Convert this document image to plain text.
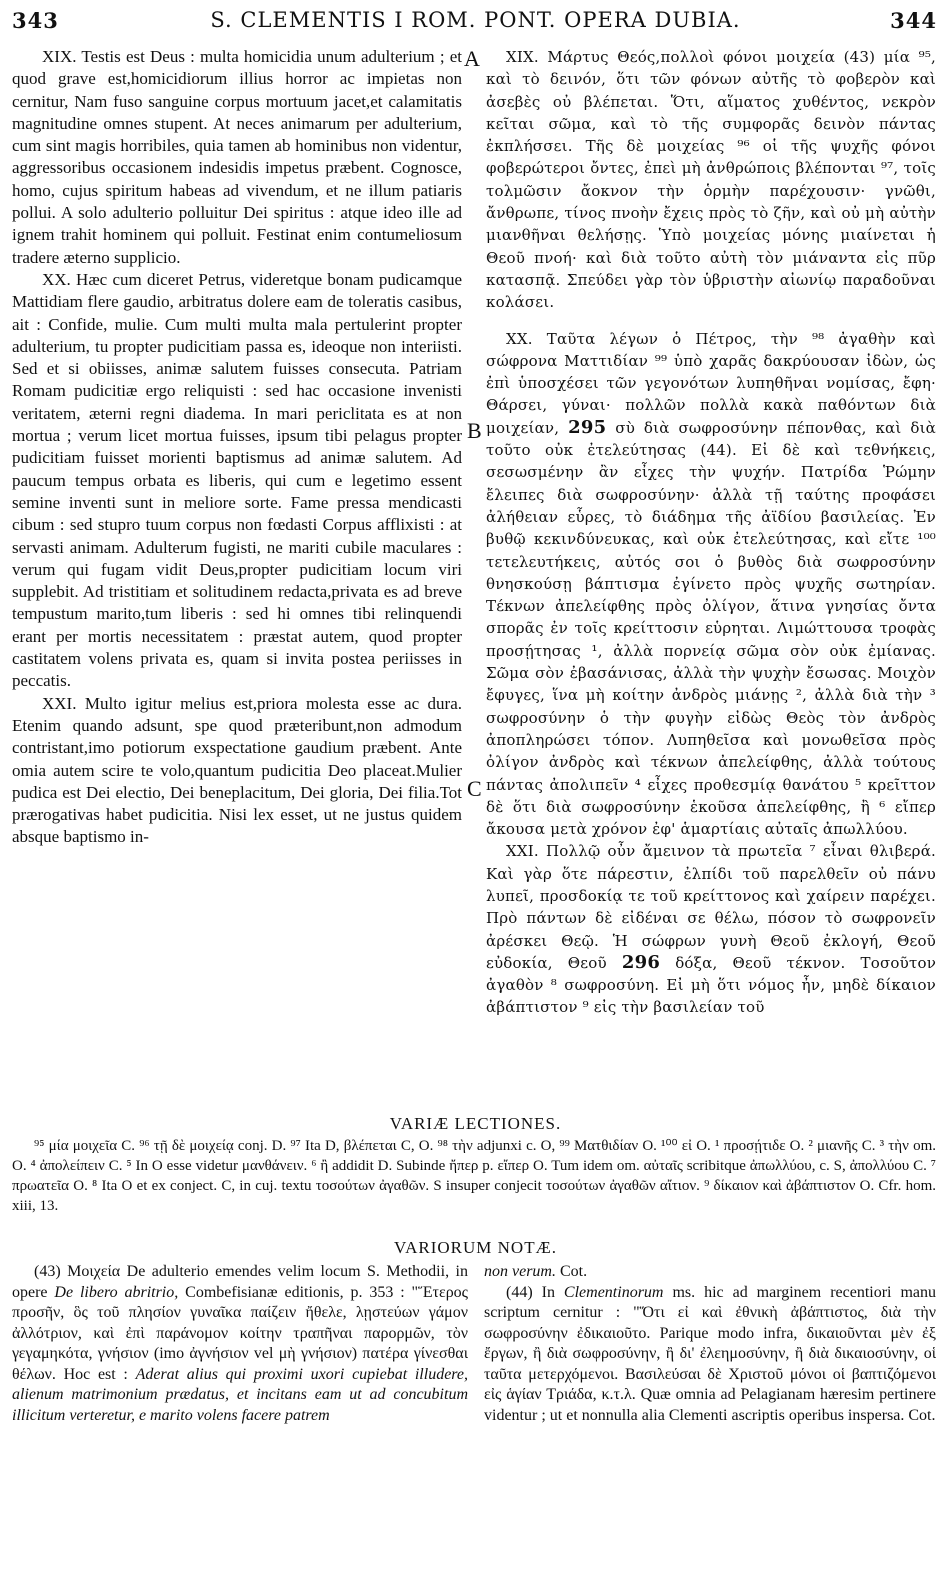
343	S. CLEMENTIS I ROM. PONT. OPERA DUBIA.	344

XIX. Testis est Deus : multa homicidia unum adulterium ; et quod grave est,homicidiorum illius horror ac impietas non cernitur, Nam fuso sanguine corpus mortuum jacet,et calamitatis magnitudine omnes stupent. At neces animarum per adulterium, cum sint magis horribiles, quia tamen ab hominibus non videntur, aggressoribus occasionem indesidis impetus præbent. Cognosce, homo, cujus spiritum habeas ad vivendum, et ne illum patiaris pollui. A solo adulterio polluitur Dei spiritus : atque ideo ille ad ignem trahit hominem qui polluit. Festinat enim contumeliosum tradere æterno supplicio.

XX. Hæc cum diceret Petrus, videretque bonam pudicamque Mattidiam flere gaudio, arbitratus dolere eam de toleratis casibus, ait : Confide, mulie. Cum multi multa mala pertulerint propter adulterium, tu propter pudicitiam passa es, ideoque non interiisti. Sed et si obiisses, animæ salutem fuisses consecuta. Patriam Romam pudicitiæ ergo reliquisti : sed hac occasione invenisti veritatem, æterni regni diadema. In mari periclitata es at non mortua ; verum licet mortua fuisses, ipsum tibi pelagus propter pudicitiam fuisset morienti baptismus ad animæ salutem. Ad paucum tempus orbata es liberis, qui cum e legetimo essent semine inventi sunt in meliore sorte. Fame pressa mendicasti cibum : sed stupro tuum corpus non fœdasti Corpus afflixisti : at servasti animam. Adulterum fugisti, ne mariti cubile maculares : verum qui fugam vidit Deus,propter pudicitiam locum viri supplebit. Ad tristitiam et solitudinem redacta,privata es ad breve tempustum marito,tum liberis : sed hi omnes tibi relinquendi erant per mortis necessitatem : præstat autem, quod propter castitatem volens privata es, quam si invita postea periisses in peccatis.

XXI. Multo igitur melius est,priora molesta esse ac dura. Etenim quando adsunt, spe quod præteribunt,non admodum contristant,imo potiorum exspectatione gaudium præbent. Ante omia autem scire te volo,quantum pudicitia Deo placeat.Mulier pudica est Dei electio, Dei beneplacitum, Dei gloria, Dei filia.Tot prærogativas habet pudicitia. Nisi lex esset, ut ne justus quidem absque baptismo in-

A
B
C

XIX. Μάρτυς Θεός,πολλοὶ φόνοι μοιχεία (43) μία ⁹⁵, καὶ τὸ δεινόν, ὅτι τῶν φόνων αὐτῆς τὸ φοβερὸν καὶ ἀσεβὲς οὐ βλέπεται. Ὅτι, αἵματος χυθέντος, νεκρὸν κεῖται σῶμα, καὶ τὸ τῆς συμφορᾶς δεινὸν πάντας ἐκπλήσσει. Τῆς δὲ μοιχείας ⁹⁶ οἱ τῆς ψυχῆς φόνοι φοβερώτεροι ὄντες, ἐπεὶ μὴ ἀνθρώποις βλέπονται ⁹⁷, τοῖς τολμῶσιν ἄοκνον τὴν ὁρμὴν παρέχουσιν· γνῶθι, ἄνθρωπε, τίνος πνοὴν ἔχεις πρὸς τὸ ζῆν, καὶ οὐ μὴ αὐτὴν μιανθῆναι θελήσῃς. Ὑπὸ μοιχείας μόνης μιαίνεται ἡ Θεοῦ πνοή· καὶ διὰ τοῦτο αὐτὴ τὸν μιάναντα εἰς πῦρ κατασπᾷ. Σπεύδει γὰρ τὸν ὑβριστὴν αἰωνίῳ παραδοῦναι κολάσει.

XX. Ταῦτα λέγων ὁ Πέτρος, τὴν ⁹⁸ ἀγαθὴν καὶ σώφρονα Ματτιδίαν ⁹⁹ ὑπὸ χαρᾶς δακρύουσαν ἰδὼν, ὡς ἐπὶ ὑποσχέσει τῶν γεγονότων λυπηθῆναι νομίσας, ἔφη· Θάρσει, γύναι· πολλῶν πολλὰ κακὰ παθόντων διὰ μοιχείαν, 295 σὺ διὰ σωφροσύνην πέπονθας, καὶ διὰ τοῦτο οὐκ ἐτελεύτησας (44). Εἰ δὲ καὶ τεθνήκεις, σεσωσμένην ἂν εἶχες τὴν ψυχήν. Πατρίδα Ῥώμην ἔλειπες διὰ σωφροσύνην· ἀλλὰ τῇ ταύτης προφάσει ἀλήθειαν εὗρες, τὸ διάδημα τῆς ἀϊδίου βασιλείας. Ἐν βυθῷ κεκινδύνευκας, καὶ οὐκ ἐτελεύτησας, καὶ εἴτε ¹⁰⁰ τετελευτήκεις, αὐτός σοι ὁ βυθὸς διὰ σωφροσύνην θνησκούσῃ βάπτισμα ἐγίνετο πρὸς ψυχῆς σωτηρίαν. Τέκνων ἀπελείφθης πρὸς ὀλίγον, ἅτινα γνησίας ὄντα σπορᾶς ἐν τοῖς κρείττοσιν εὑρηται. Λιμώττουσα τροφὰς προσῄτησας ¹, ἀλλὰ πορνείᾳ σῶμα σὸν οὐκ ἐμίανας. Σῶμα σὸν ἐβασάνισας, ἀλλὰ τὴν ψυχὴν ἔσωσας. Μοιχὸν ἔφυγες, ἵνα μὴ κοίτην ἀνδρὸς μιάνῃς ², ἀλλὰ διὰ τὴν ³ σωφροσύνην ὁ τὴν φυγὴν εἰδὼς Θεὸς τὸν ἀνδρὸς ἀποπληρώσει τόπον. Λυπηθεῖσα καὶ μονωθεῖσα πρὸς ὀλίγον ἀνδρὸς καὶ τέκνων ἀπελείφθης, ἀλλὰ τούτους πάντας ἀπολιπεῖν ⁴ εἶχες προθεσμίᾳ θανάτου ⁵ κρεῖττον δὲ ὅτι διὰ σωφροσύνην ἑκοῦσα ἀπελείφθης, ἢ ⁶ εἴπερ ἄκουσα μετὰ χρόνον ἐφ' ἁμαρτίαις αὐταῖς ἀπωλλύου.

XXI. Πολλῷ οὖν ἄμεινον τὰ πρωτεῖα ⁷ εἶναι θλιβερά. Καὶ γὰρ ὅτε πάρεστιν, ἐλπίδι τοῦ παρελθεῖν οὐ πάνυ λυπεῖ, προσδοκίᾳ τε τοῦ κρείττονος καὶ χαίρειν παρέχει. Πρὸ πάντων δὲ εἰδέναι σε θέλω, πόσον τὸ σωφρονεῖν ἀρέσκει Θεῷ. Ἡ σώφρων γυνὴ Θεοῦ ἐκλογή, Θεοῦ εὐδοκία, Θεοῦ 296 δόξα, Θεοῦ τέκνον. Τοσοῦτον ἀγαθὸν ⁸ σωφροσύνη. Εἰ μὴ ὅτι νόμος ἦν, μηδὲ δίκαιον ἀβάπτιστον ⁹ εἰς τὴν βασιλείαν τοῦ

VARIÆ LECTIONES.

⁹⁵ μία μοιχεῖα C. ⁹⁶ τῇ δὲ μοιχείᾳ conj. D. ⁹⁷ Ita D, βλέπεται C, O. ⁹⁸ τὴν adjunxi c. O, ⁹⁹ Ματθιδίαν O. ¹⁰⁰ εἰ O. ¹ προσῄτιδε O. ² μιανῆς C. ³ τὴν om. O. ⁴ ἀπολείπειν C. ⁵ In O esse videtur μανθάνειν. ⁶ ἢ addidit D. Subinde ἤπερ p. εἴπερ O. Tum idem om. αὐταῖς scribitque ἀπωλλύου, c. S, ἀπολλύου C. ⁷ πρωατεῖα O. ⁸ Ita O et ex conject. C, in cuj. textu τοσούτων ἀγαθῶν. S insuper conjecit τοσούτων ἀγαθῶν αἴτιον. ⁹ δίκαιον καὶ ἀβάπτιστον O. Cfr. hom. xiii, 13.

VARIORUM NOTÆ.

(43) Μοιχεία De adulterio emendes velim locum S. Methodii, in opere De libero abritrio, Combefisianæ editionis, p. 353 : "Ἕτερος προσῆν, ὃς τοῦ πλησίον γυναῖκα παίζειν ἤθελε, λῃστεύων γάμον ἀλλότριον, καὶ ἐπὶ παράνομον κοίτην τραπῆναι παρορμῶν, τὸν γεγαμηκότα, γνήσιον (imo ἀγνήσιον vel μὴ γνήσιον) πατέρα γίνεσθαι θέλων. Hoc est : Aderat alius qui proximi uxori cupiebat illudere, alienum matrimonium prædatus, et incitans eam ut ad concubitum illicitum verteretur, e marito volens facere patrem

non verum. Cot.

(44) In Clementinorum ms. hic ad marginem recentiori manu scriptum cernitur : "Ὅτι εἰ καὶ ἐθνικὴ ἀβάπτιστος, διὰ τὴν σωφροσύνην ἐδικαιοῦτο. Parique modo infra, δικαιοῦνται μὲν ἐξ ἔργων, ἢ διὰ σωφροσύνην, ἢ δι' ἐλεημοσύνην, ἢ διὰ δικαιοσύνην, οἱ ταῦτα μετερχόμενοι. Βασιλεύσαι δὲ Χριστοῦ μόνοι οἱ βαπτιζόμενοι εἰς ἁγίαν Τριάδα, κ.τ.λ. Quæ omnia ad Pelagianam hæresim pertinere videntur ; ut et nonnulla alia Clementi ascriptis operibus inspersa. Cot.
